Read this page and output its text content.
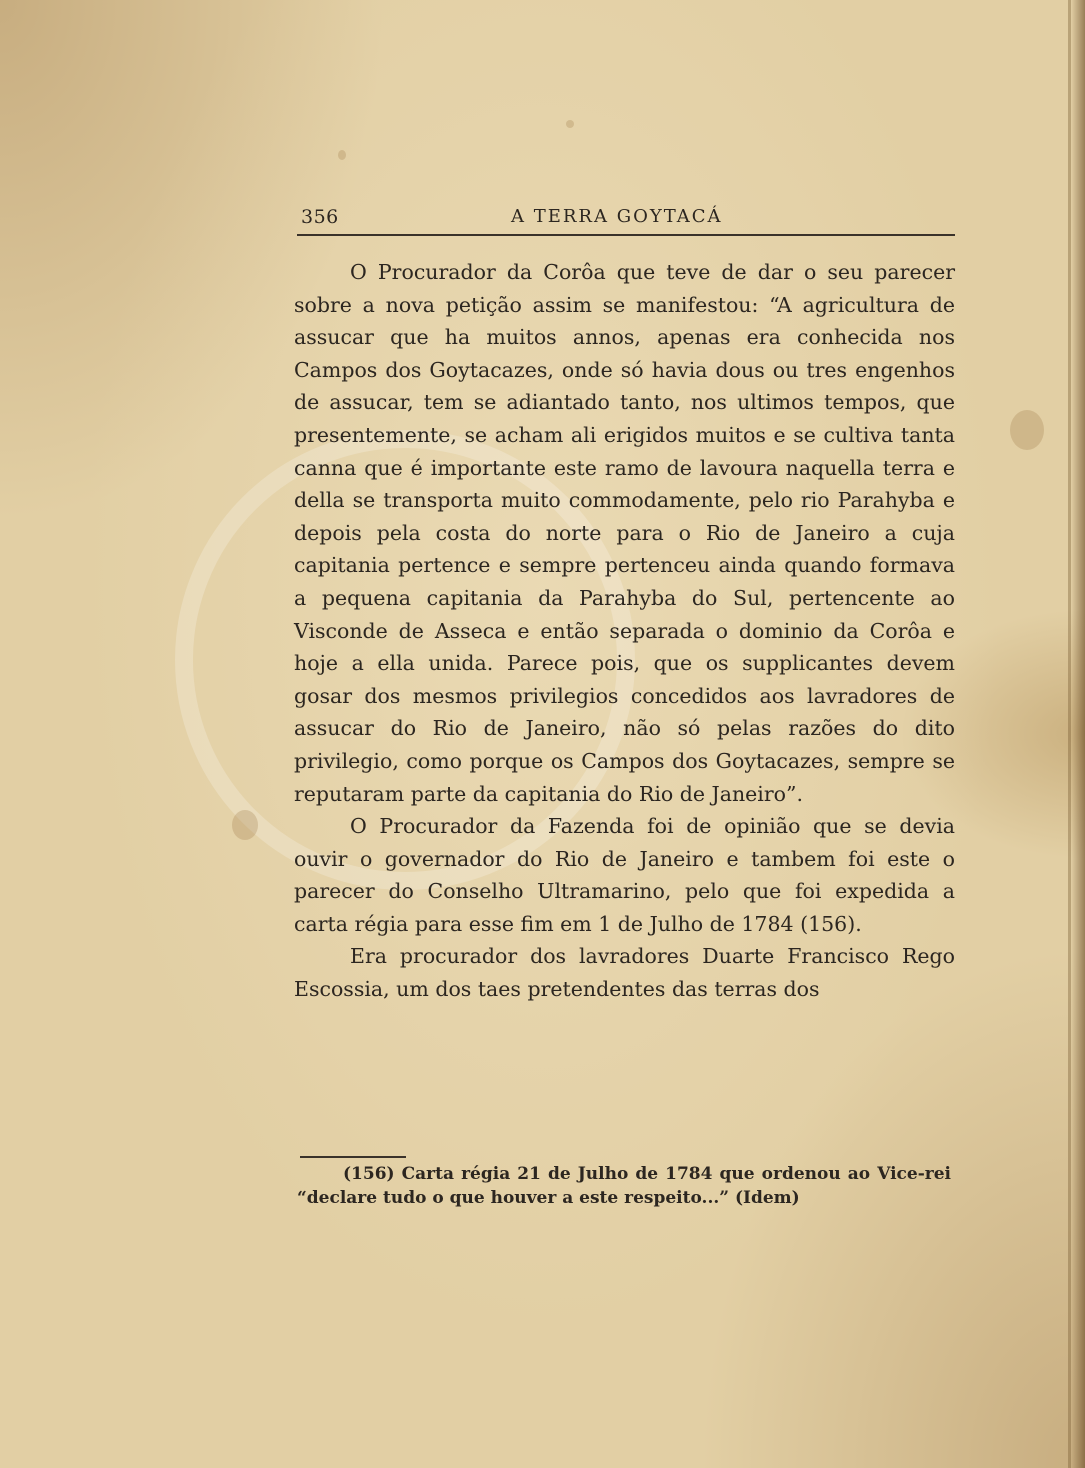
356	A TERRA GOYTACÁ

O Procurador da Corôa que teve de dar o seu parecer sobre a nova petição assim se manifestou: “A agricultura de assucar que ha muitos annos, apenas era conhecida nos Campos dos Goytacazes, onde só havia dous ou tres engenhos de assucar, tem se adiantado tanto, nos ultimos tempos, que presentemente, se acham ali erigidos muitos e se cultiva tanta canna que é importante este ramo de lavoura naquella terra e della se transporta muito commodamente, pelo rio Parahyba e depois pela costa do norte para o Rio de Janeiro a cuja capitania pertence e sempre pertenceu ainda quando formava a pequena capitania da Parahyba do Sul, pertencente ao Visconde de Asseca e então separada o dominio da Corôa e hoje a ella unida. Parece pois, que os supplicantes devem gosar dos mesmos privilegios concedidos aos lavradores de assucar do Rio de Janeiro, não só pelas razões do dito privilegio, como porque os Campos dos Goytacazes, sempre se reputaram parte da capitania do Rio de Janeiro”.

O Procurador da Fazenda foi de opinião que se devia ouvir o governador do Rio de Janeiro e tambem foi este o parecer do Conselho Ultramarino, pelo que foi expedida a carta régia para esse fim em 1 de Julho de 1784 (156).

Era procurador dos lavradores Duarte Francisco Rego Escossia, um dos taes pretendentes das terras dos

(156) Carta régia 21 de Julho de 1784 que ordenou ao Vice-rei “declare tudo o que houver a este respeito...” (Idem)
